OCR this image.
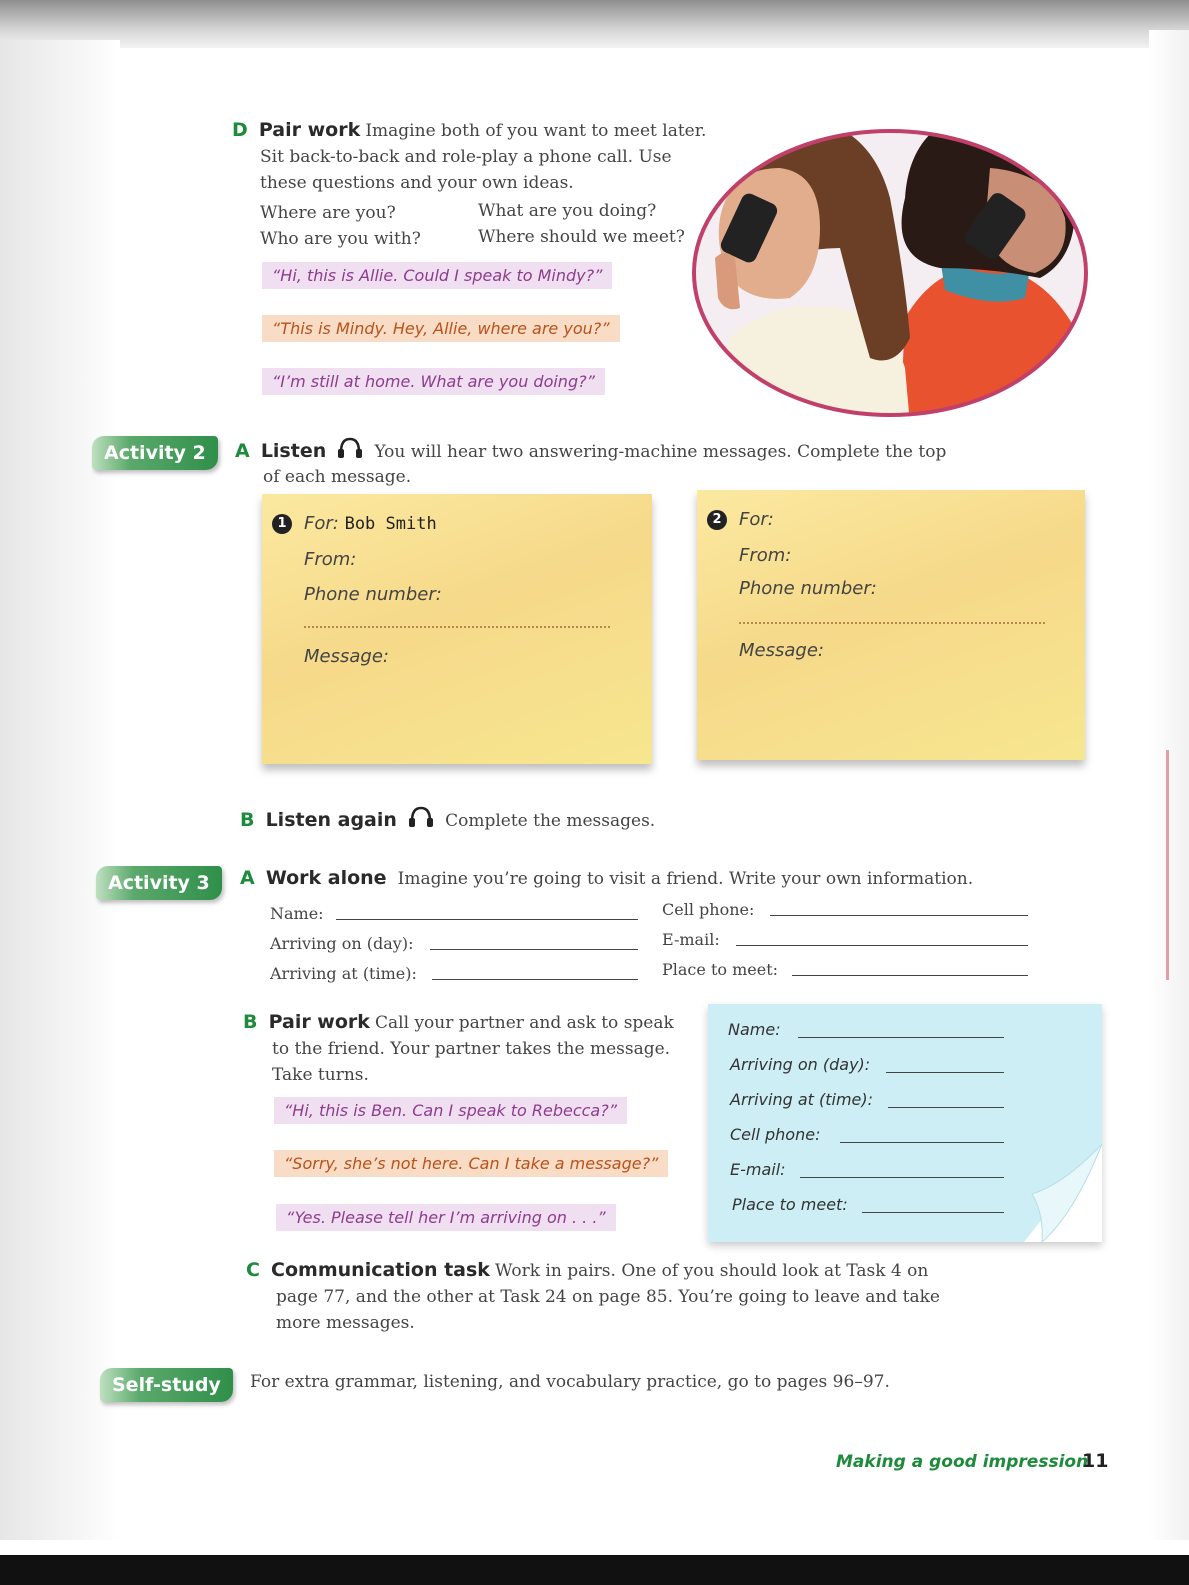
D Pair work Imagine both of you want to meet later.
Sit back-to-back and role-play a phone call. Use
these questions and your own ideas.
Where are you?	What are you doing?
Who are you with?	Where should we meet?
“Hi, this is Allie. Could I speak to Mindy?”
“This is Mindy. Hey, Allie, where are you?”
“I’m still at home. What are you doing?”
Activity 2	A Listen	You will hear two answering-machine messages. Complete the top
of each message.
1 For: Bob Smith
From:
Phone number:
Message:
2 For:
From:
Phone number:
Message:
B Listen again	Complete the messages.
Activity 3	A Work alone Imagine you’re going to visit a friend. Write your own information.
Name:
Arriving on (day):
Arriving at (time):
Cell phone:
E-mail:
Place to meet:
B Pair work Call your partner and ask to speak
to the friend. Your partner takes the message.
Take turns.
“Hi, this is Ben. Can I speak to Rebecca?”
“Sorry, she’s not here. Can I take a message?”
“Yes. Please tell her I’m arriving on . . .”
Name:
Arriving on (day):
Arriving at (time):
Cell phone:
E-mail:
Place to meet:
C Communication task Work in pairs. One of you should look at Task 4 on
page 77, and the other at Task 24 on page 85. You’re going to leave and take
more messages.
Self-study	For extra grammar, listening, and vocabulary practice, go to pages 96–97.
Making a good impression
11
